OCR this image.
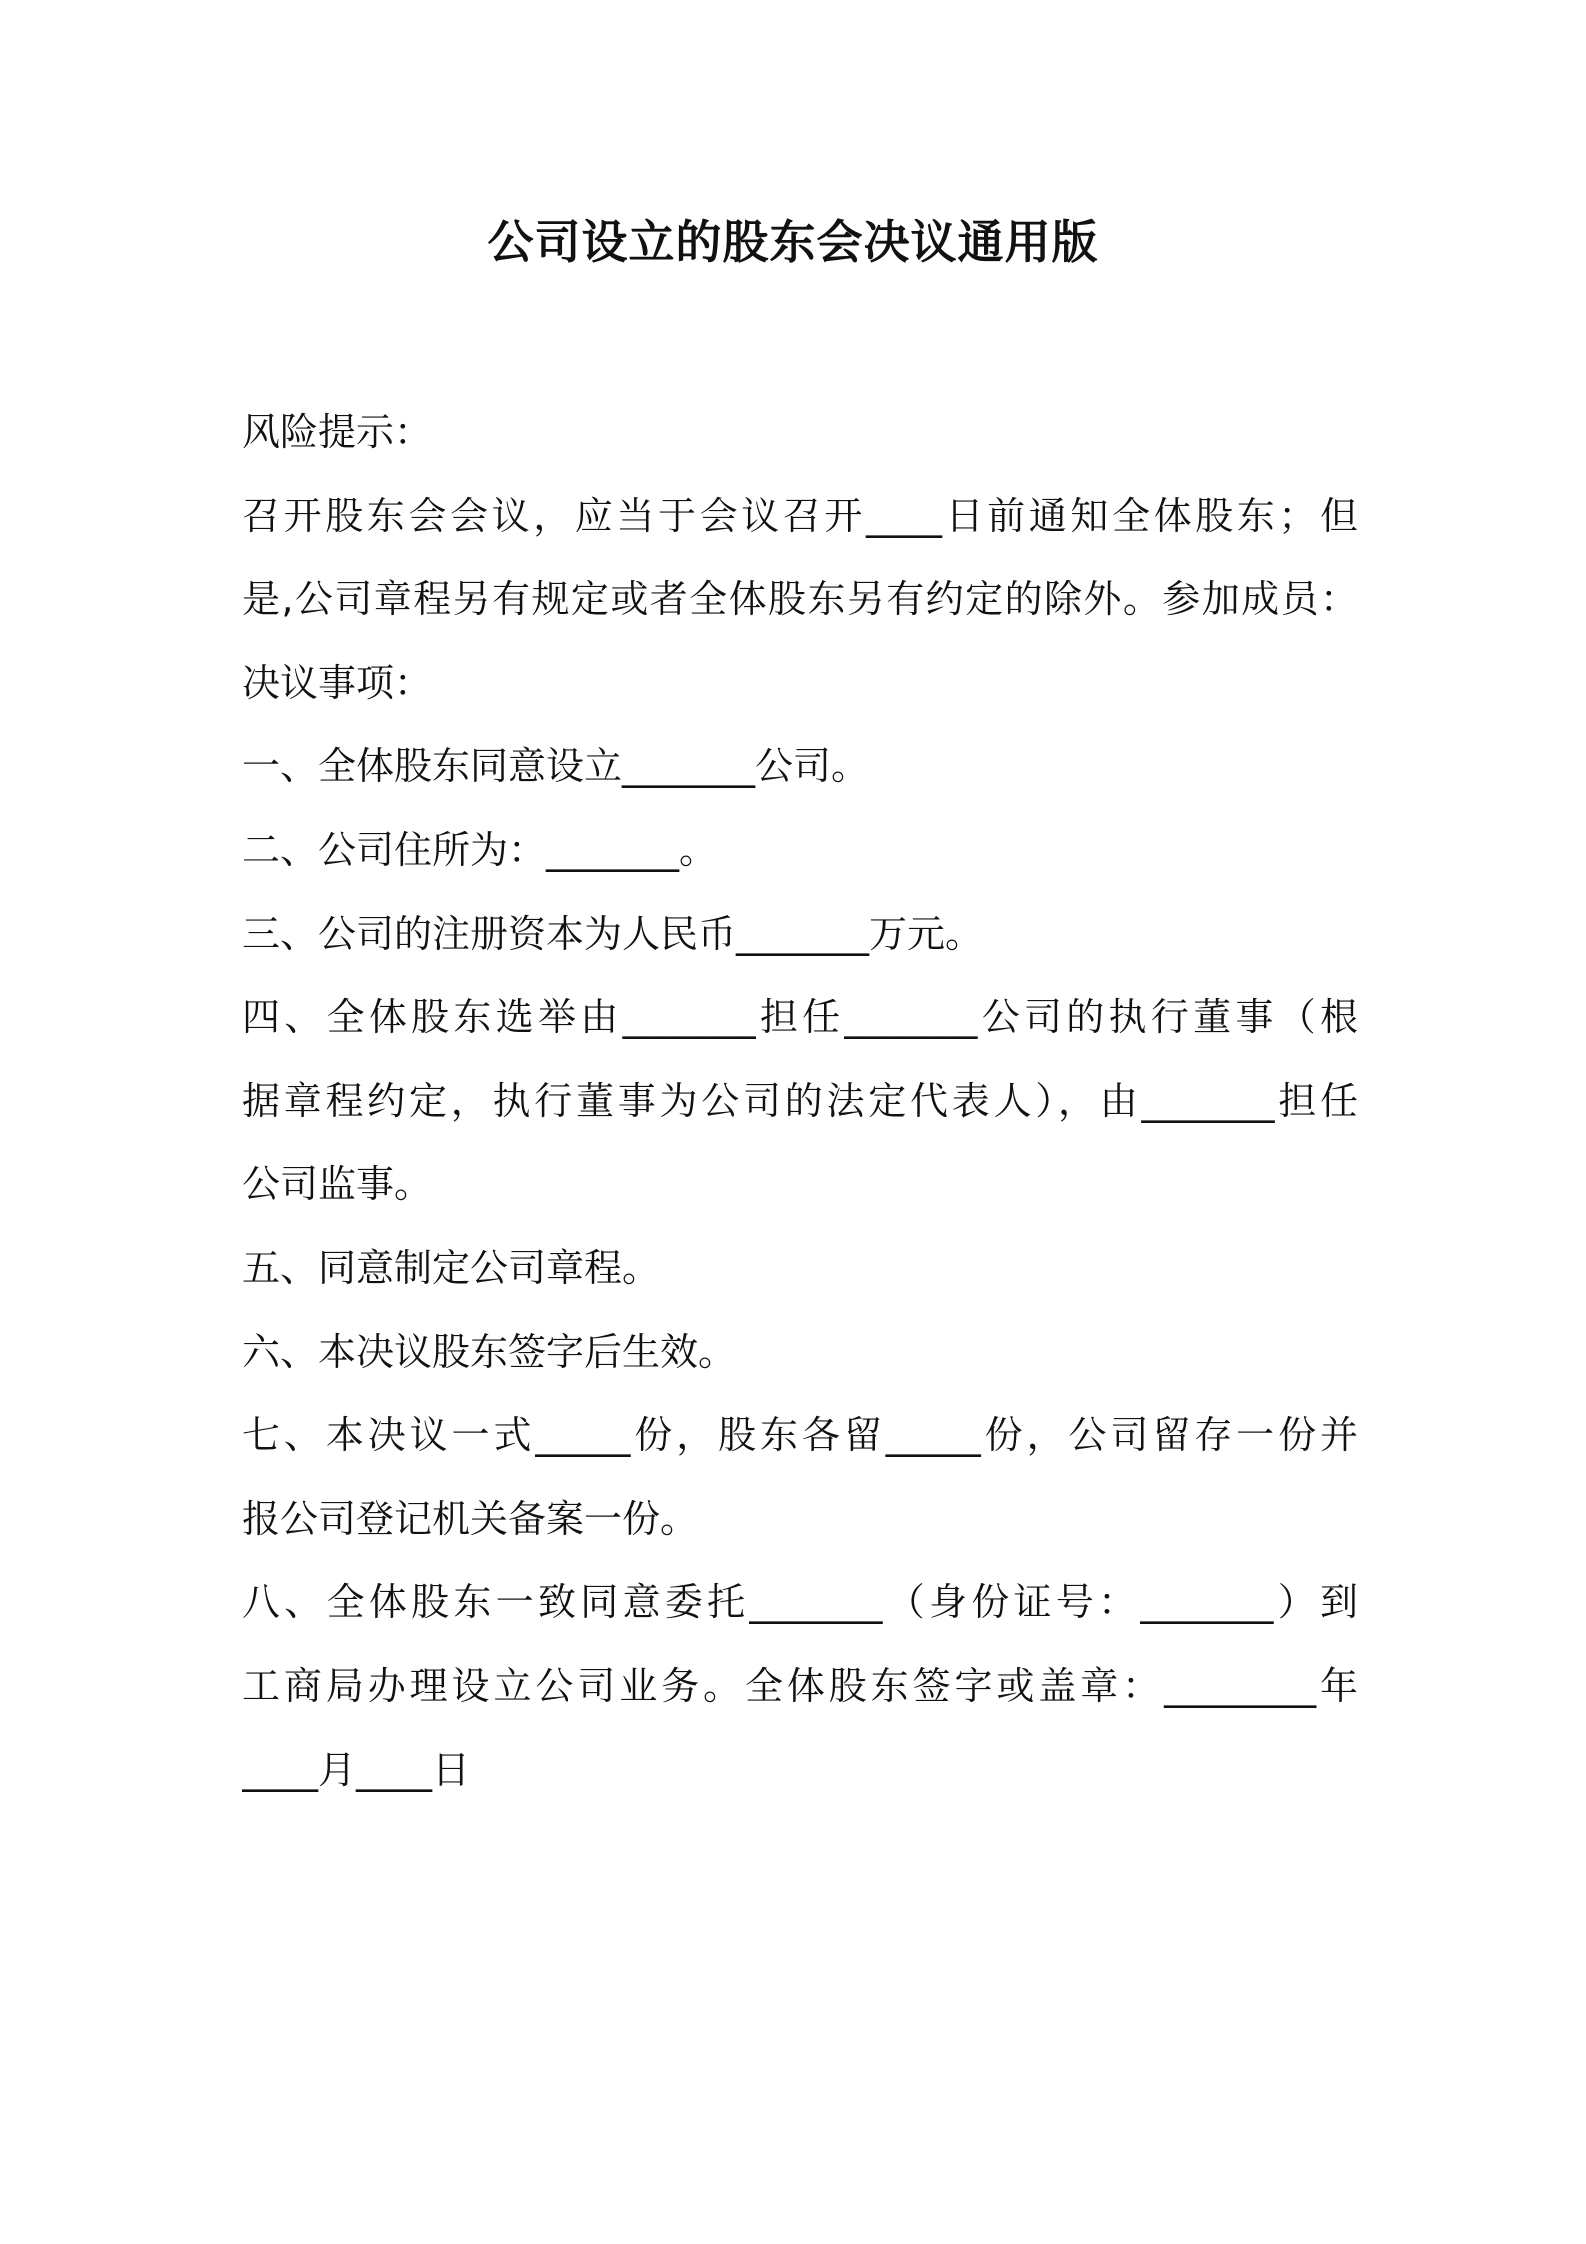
公司设立的股东会决议通用版
风险提示：
召开股东会会议，应当于会议召开____日前通知全体股东；但
是,公司章程另有规定或者全体股东另有约定的除外。参加成员：
决议事项：
一、全体股东同意设立_______公司。
二、公司住所为：_______。
三、公司的注册资本为人民币_______万元。
四、全体股东选举由_______担任_______公司的执行董事（根
据章程约定，执行董事为公司的法定代表人），由_______担任
公司监事。
五、同意制定公司章程。
六、本决议股东签字后生效。
七、本决议一式_____份，股东各留_____份，公司留存一份并
报公司登记机关备案一份。
八、全体股东一致同意委托_______（身份证号：_______）到
工商局办理设立公司业务。全体股东签字或盖章：________年
____月____日
